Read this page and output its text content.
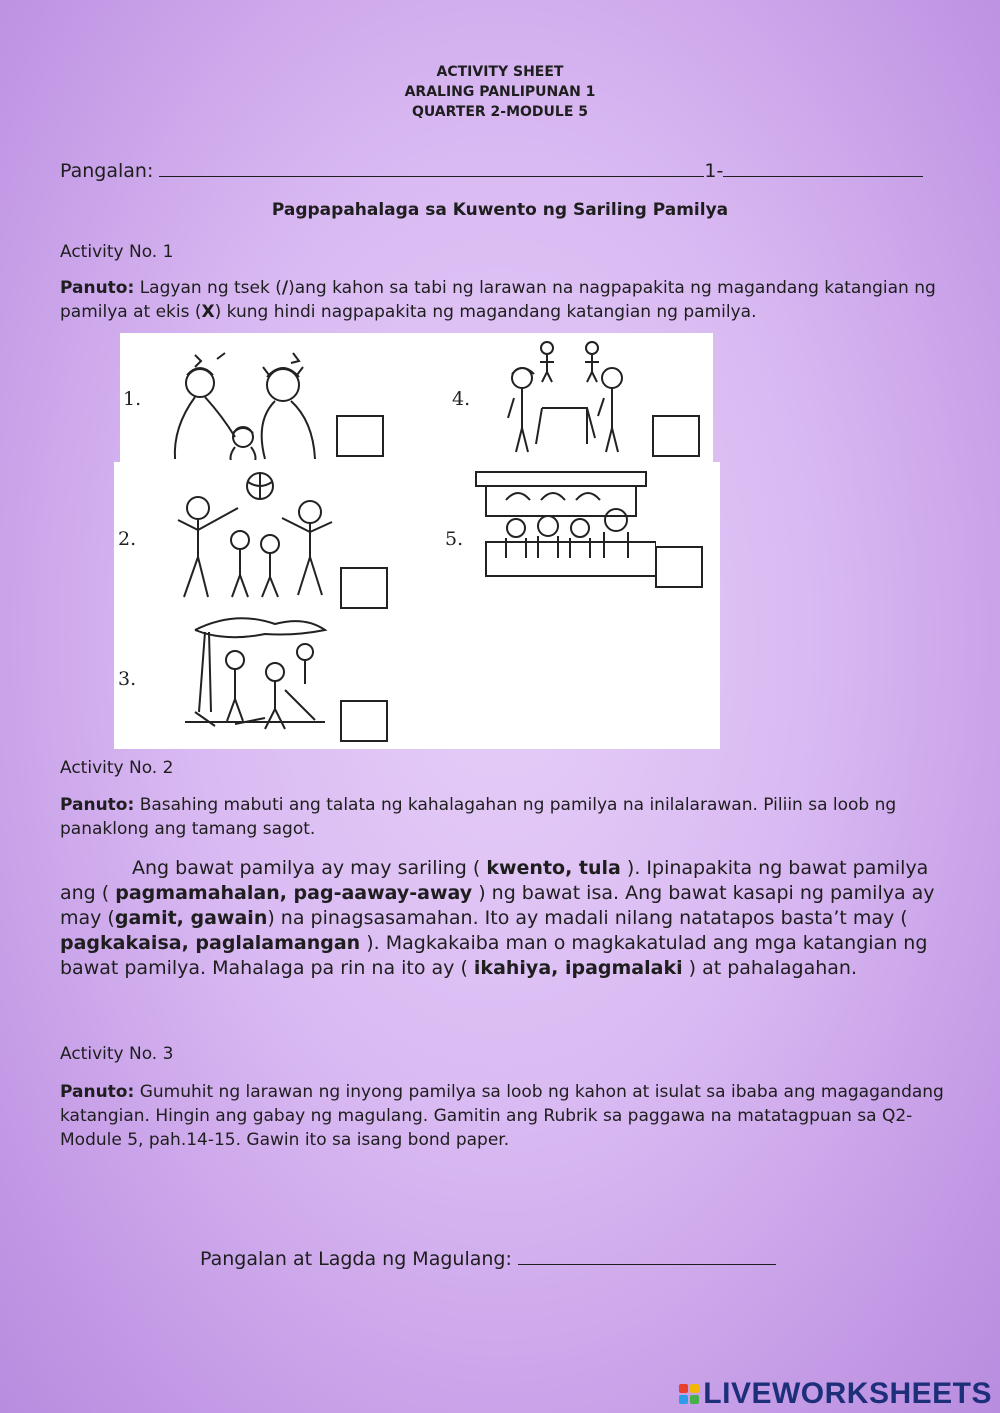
ACTIVITY SHEET
ARALING PANLIPUNAN 1
QUARTER 2-MODULE 5
Pangalan:	1-
Pagpapahalaga sa Kuwento ng Sariling Pamilya
Activity No. 1
Panuto: Lagyan ng tsek (/)ang kahon sa tabi ng larawan na nagpapakita ng magandang katangian ng pamilya at ekis (X) kung hindi nagpapakita ng magandang katangian ng pamilya.
1.	4.
2.	5.
3.
Activity No. 2
Panuto: Basahing mabuti ang talata ng kahalagahan ng pamilya na inilalarawan. Piliin sa loob ng panaklong ang tamang sagot.
Ang bawat pamilya ay may sariling ( kwento, tula ). Ipinapakita ng bawat pamilya ang ( pagmamahalan, pag-aaway-away ) ng bawat isa. Ang bawat kasapi ng pamilya ay may (gamit, gawain) na pinagsasamahan. Ito ay madali nilang natatapos basta’t may ( pagkakaisa, paglalamangan ). Magkakaiba man o magkakatulad ang mga katangian ng bawat pamilya. Mahalaga pa rin na ito ay ( ikahiya, ipagmalaki ) at pahalagahan.
Activity No. 3
Panuto: Gumuhit ng larawan ng inyong pamilya sa loob ng kahon at isulat sa ibaba ang magagandang katangian. Hingin ang gabay ng magulang. Gamitin ang Rubrik sa paggawa na matatagpuan sa Q2-Module 5, pah.14-15. Gawin ito sa isang bond paper.
Pangalan at Lagda ng Magulang:
LIVEWORKSHEETS
